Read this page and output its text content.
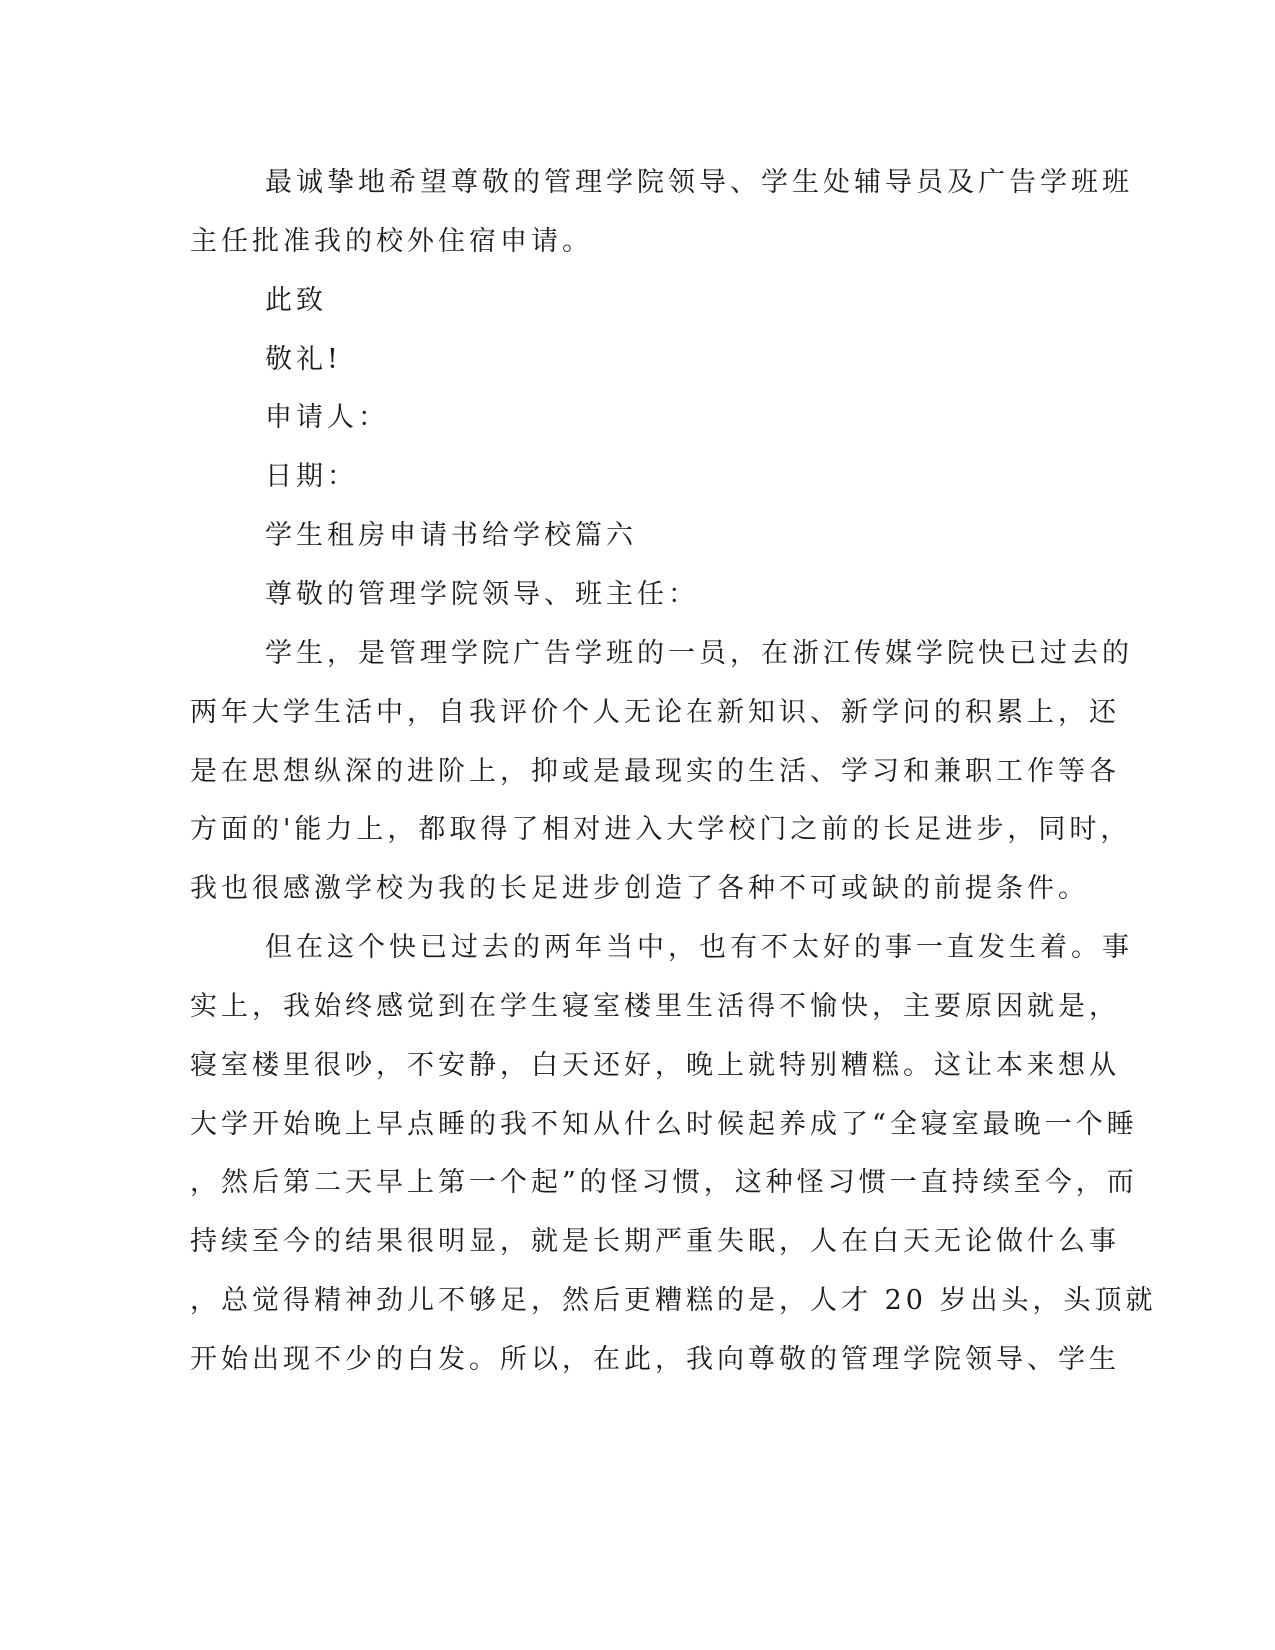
最诚挚地希望尊敬的管理学院领导、学生处辅导员及广告学班班
主任批准我的校外住宿申请。
此致
敬礼!
申请人：
日期：
学生租房申请书给学校篇六
尊敬的管理学院领导、班主任：
学生，是管理学院广告学班的一员，在浙江传媒学院快已过去的
两年大学生活中，自我评价个人无论在新知识、新学问的积累上，还
是在思想纵深的进阶上，抑或是最现实的生活、学习和兼职工作等各
方面的'能力上，都取得了相对进入大学校门之前的长足进步，同时，
我也很感激学校为我的长足进步创造了各种不可或缺的前提条件。
但在这个快已过去的两年当中，也有不太好的事一直发生着。事
实上，我始终感觉到在学生寝室楼里生活得不愉快，主要原因就是，
寝室楼里很吵，不安静，白天还好，晚上就特别糟糕。这让本来想从
大学开始晚上早点睡的我不知从什么时候起养成了“全寝室最晚一个睡
，然后第二天早上第一个起”的怪习惯，这种怪习惯一直持续至今，而
持续至今的结果很明显，就是长期严重失眠，人在白天无论做什么事
，总觉得精神劲儿不够足，然后更糟糕的是，人才 20 岁出头，头顶就
开始出现不少的白发。所以，在此，我向尊敬的管理学院领导、学生
